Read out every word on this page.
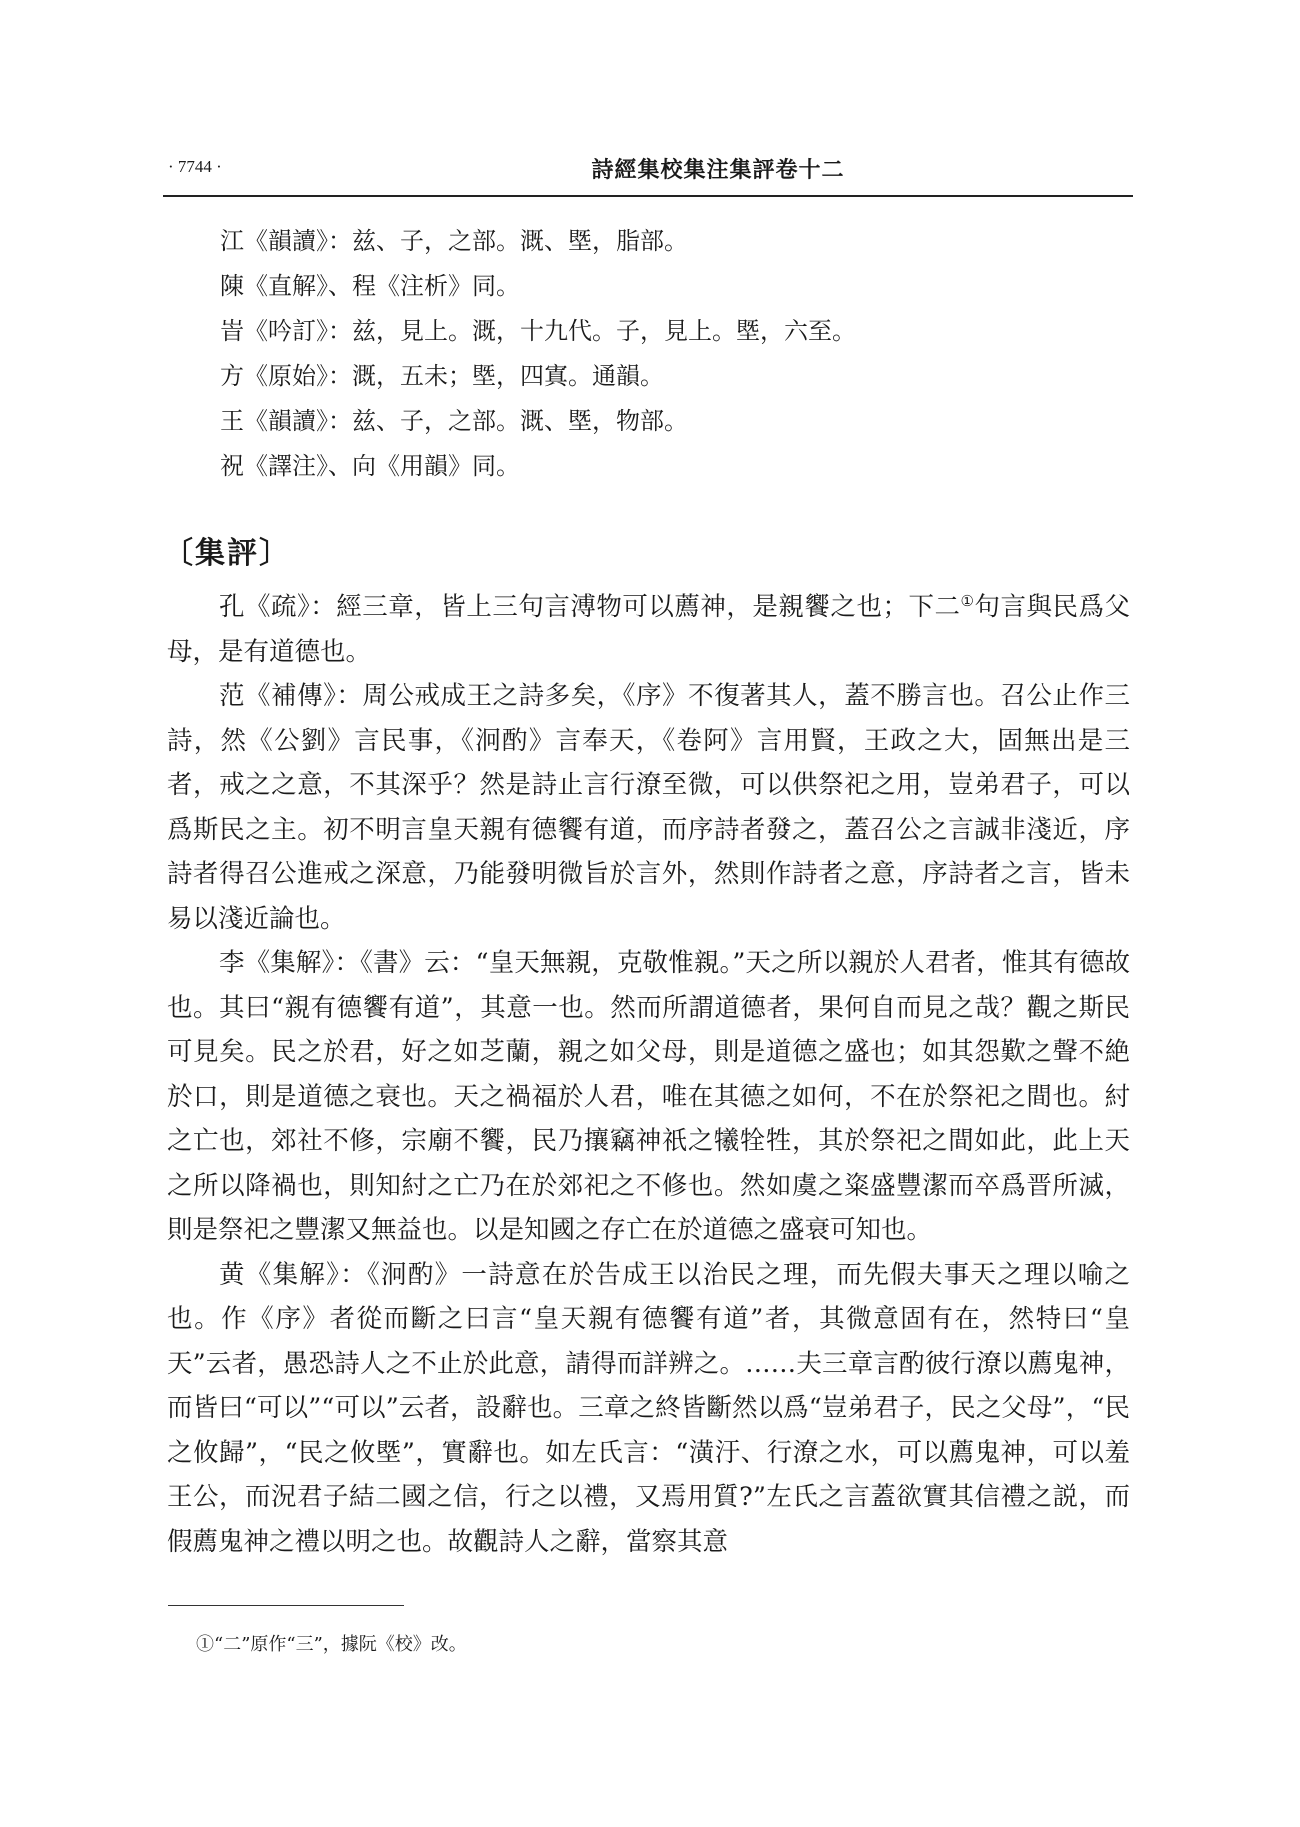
· 7744 ·	詩經集校集注集評卷十二
江《韻讀》：兹、子，之部。溉、塈，脂部。
陳《直解》、程《注析》同。
峕《吟訂》：兹，見上。溉，十九代。子，見上。塈，六至。
方《原始》：溉，五未；塈，四寘。通韻。
王《韻讀》：兹、子，之部。溉、塈，物部。
祝《譯注》、向《用韻》同。
〔集評〕

孔《疏》：經三章，皆上三句言溥物可以薦神，是親饗之也；下二①句言與民爲父母，是有道德也。

范《補傳》：周公戒成王之詩多矣，《序》不復著其人，蓋不勝言也。召公止作三詩，然《公劉》言民事，《泂酌》言奉天，《卷阿》言用賢，王政之大，固無出是三者，戒之之意，不其深乎？然是詩止言行潦至微，可以供祭祀之用，豈弟君子，可以爲斯民之主。初不明言皇天親有德饗有道，而序詩者發之，蓋召公之言誠非淺近，序詩者得召公進戒之深意，乃能發明微旨於言外，然則作詩者之意，序詩者之言，皆未易以淺近論也。

李《集解》：《書》云：“皇天無親，克敬惟親。”天之所以親於人君者，惟其有德故也。其曰“親有德饗有道”，其意一也。然而所謂道德者，果何自而見之哉？觀之斯民可見矣。民之於君，好之如芝蘭，親之如父母，則是道德之盛也；如其怨歎之聲不絶於口，則是道德之衰也。天之禍福於人君，唯在其德之如何，不在於祭祀之間也。紂之亡也，郊社不修，宗廟不饗，民乃攘竊神祇之犧牷牲，其於祭祀之間如此，此上天之所以降禍也，則知紂之亡乃在於郊祀之不修也。然如虞之粢盛豐潔而卒爲晋所滅，則是祭祀之豐潔又無益也。以是知國之存亡在於道德之盛衰可知也。

黄《集解》：《泂酌》一詩意在於告成王以治民之理，而先假夫事天之理以喻之也。作《序》者從而斷之曰言“皇天親有德饗有道”者，其微意固有在，然特曰“皇天”云者，愚恐詩人之不止於此意，請得而詳辨之。……夫三章言酌彼行潦以薦鬼神，而皆曰“可以”“可以”云者，設辭也。三章之終皆斷然以爲“豈弟君子，民之父母”，“民之攸歸”，“民之攸塈”，實辭也。如左氏言：“潢汙、行潦之水，可以薦鬼神，可以羞王公，而況君子結二國之信，行之以禮，又焉用質?”左氏之言蓋欲實其信禮之説，而假薦鬼神之禮以明之也。故觀詩人之辭，當察其意

①“二”原作“三”，據阮《校》改。
